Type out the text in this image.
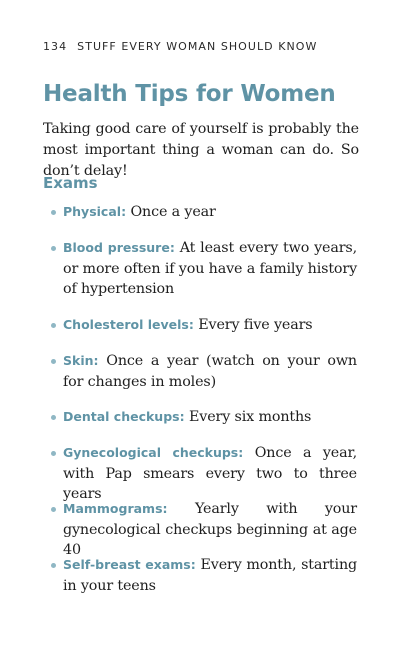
134 STUFF EVERY WOMAN SHOULD KNOW
Health Tips for Women

Taking good care of yourself is probably the most important thing a woman can do. So don’t delay!

Exams
Physical: Once a year
Blood pressure: At least every two years, or more often if you have a family history of hypertension
Cholesterol levels: Every five years
Skin: Once a year (watch on your own for changes in moles)
Dental checkups: Every six months
Gynecological checkups: Once a year, with Pap smears every two to three years
Mammograms: Yearly with your gynecological checkups beginning at age 40
Self-breast exams: Every month, starting in your teens
